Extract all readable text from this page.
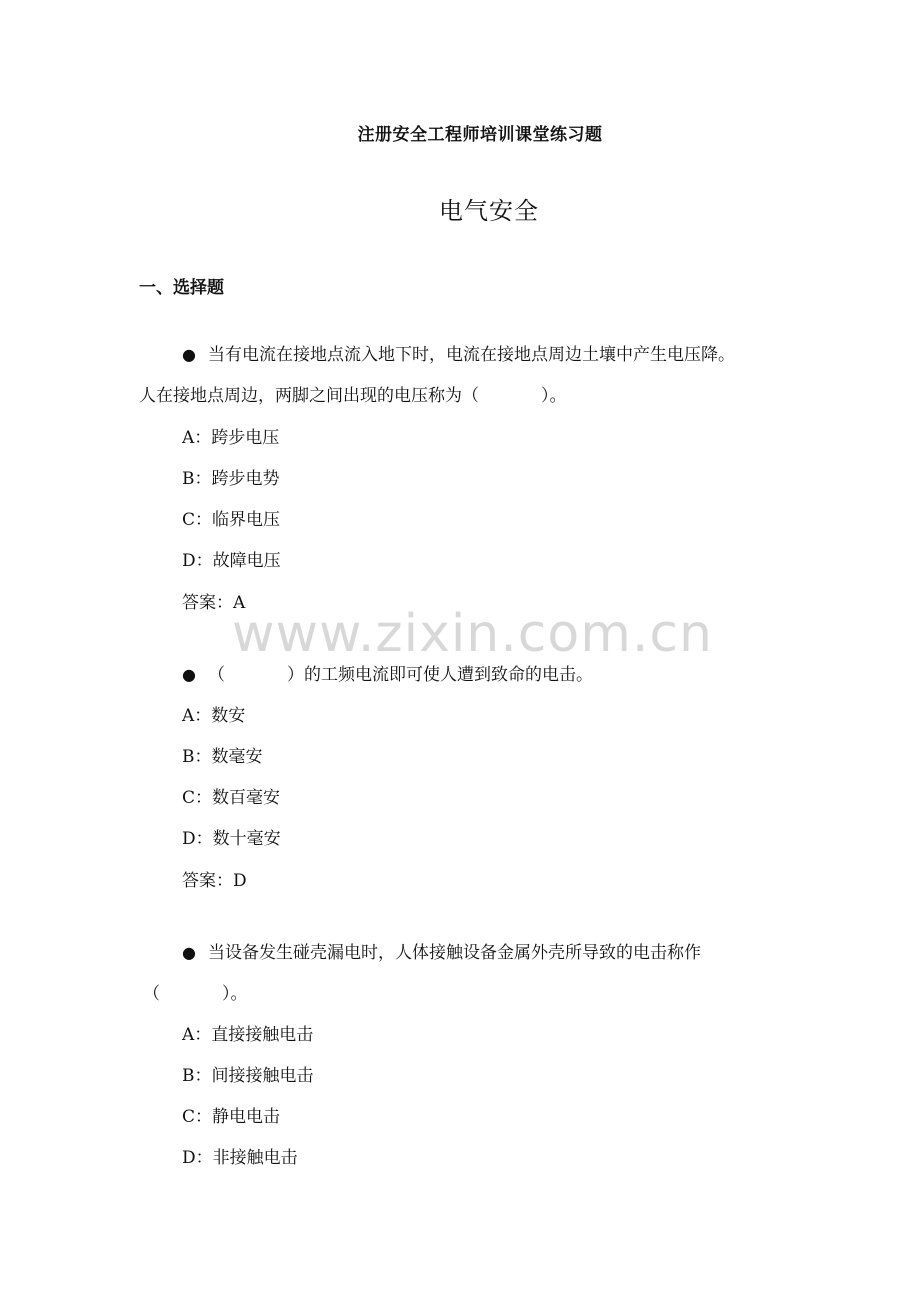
注册安全工程师培训课堂练习题
电气安全
一、选择题
● 当有电流在接地点流入地下时，电流在接地点周边土壤中产生电压降。
人在接地点周边，两脚之间出现的电压称为（	）。
A：跨步电压
B：跨步电势
C：临界电压
D：故障电压
答案：A
www.zixin.com.cn
● （	）的工频电流即可使人遭到致命的电击。
A：数安
B：数毫安
C：数百毫安
D：数十毫安
答案：D
● 当设备发生碰壳漏电时，人体接触设备金属外壳所导致的电击称作
（	）。
A：直接接触电击
B：间接接触电击
C：静电电击
D：非接触电击
